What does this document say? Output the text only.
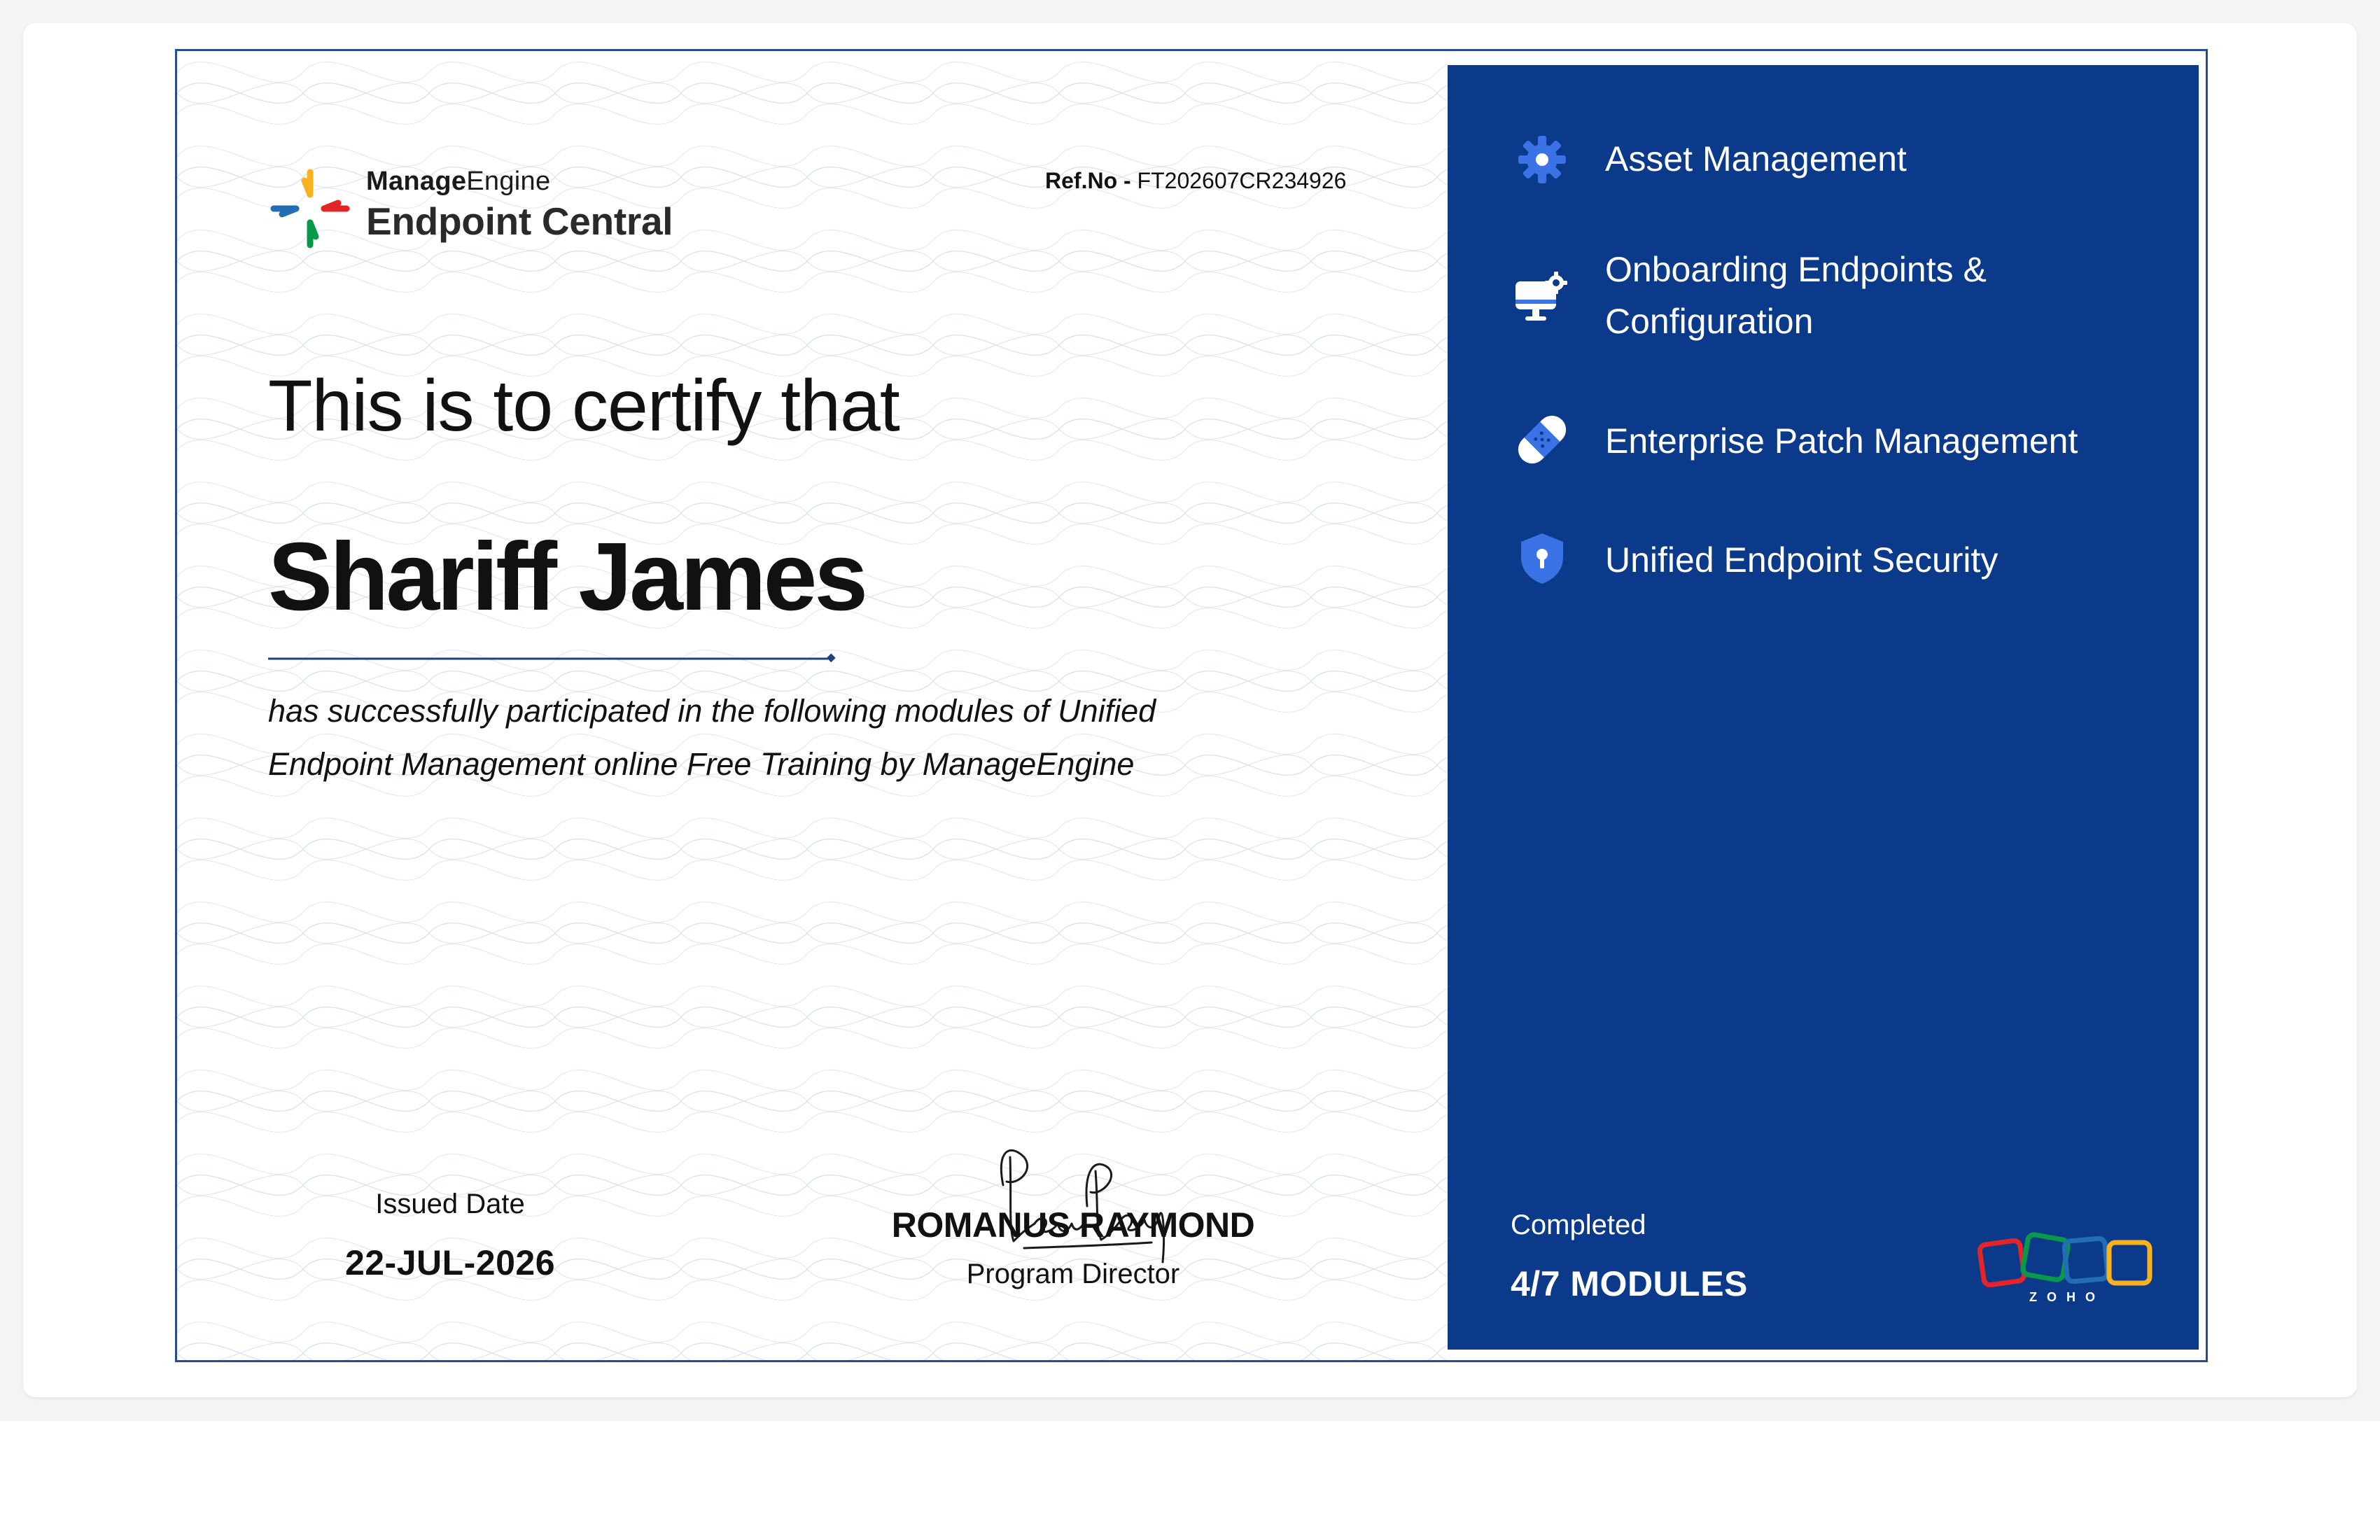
ManageEngine
Endpoint Central
Ref.No - FT202607CR234926
This is to certify that
Shariff James
has successfully participated in the following modules of Unified Endpoint Management online Free Training by ManageEngine
Issued Date
22-JUL-2026
ROMANUS RAYMOND
Program Director
Asset Management
Onboarding Endpoints & Configuration
Enterprise Patch Management
Unified Endpoint Security
Completed
4/7 MODULES	ZOHO
